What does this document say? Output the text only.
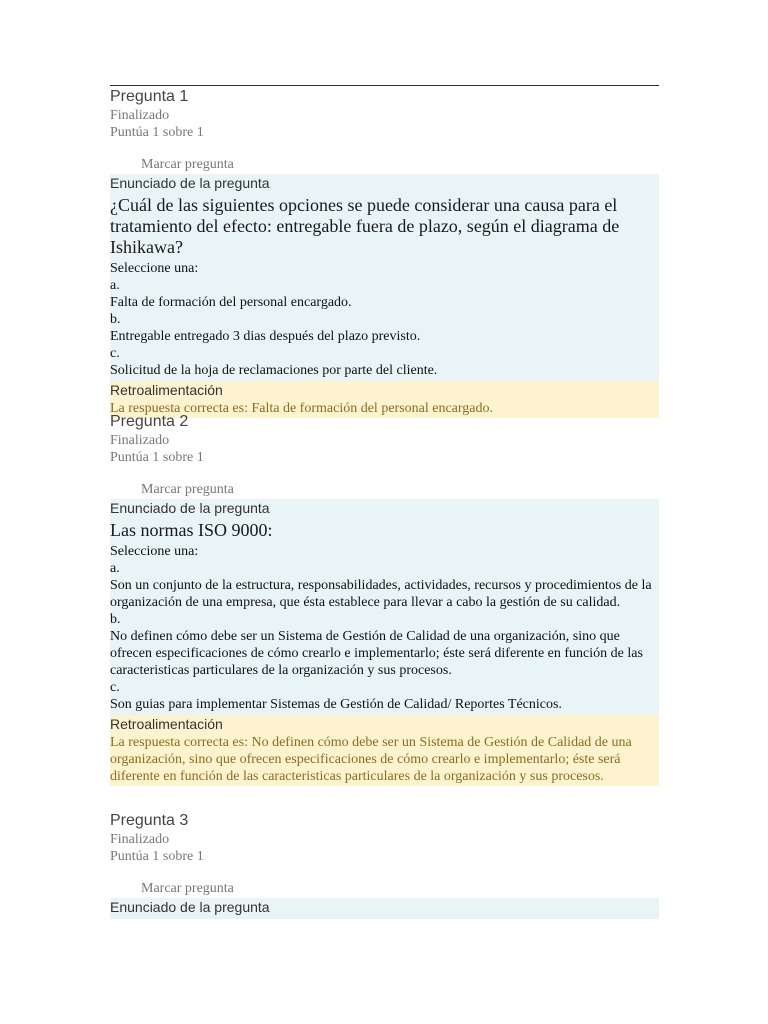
Pregunta 1
Finalizado
Puntúa 1 sobre 1
Marcar pregunta
Enunciado de la pregunta
¿Cuál de las siguientes opciones se puede considerar una causa para el tratamiento del efecto: entregable fuera de plazo, según el diagrama de Ishikawa?
Seleccione una:
a.
Falta de formación del personal encargado.
b.
Entregable entregado 3 dias después del plazo previsto.
c.
Solicitud de la hoja de reclamaciones por parte del cliente.
Retroalimentación
La respuesta correcta es: Falta de formación del personal encargado.
Pregunta 2
Finalizado
Puntúa 1 sobre 1
Marcar pregunta
Enunciado de la pregunta
Las normas ISO 9000:
Seleccione una:
a.
Son un conjunto de la estructura, responsabilidades, actividades, recursos y procedimientos de la organización de una empresa, que ésta establece para llevar a cabo la gestión de su calidad.
b.
No definen cómo debe ser un Sistema de Gestión de Calidad de una organización, sino que ofrecen especificaciones de cómo crearlo e implementarlo; éste será diferente en función de las caracteristicas particulares de la organización y sus procesos.
c.
Son guias para implementar Sistemas de Gestión de Calidad/ Reportes Técnicos.
Retroalimentación
La respuesta correcta es: No definen cómo debe ser un Sistema de Gestión de Calidad de una organización, sino que ofrecen especificaciones de cómo crearlo e implementarlo; éste será diferente en función de las caracteristicas particulares de la organización y sus procesos.
Pregunta 3
Finalizado
Puntúa 1 sobre 1
Marcar pregunta
Enunciado de la pregunta
